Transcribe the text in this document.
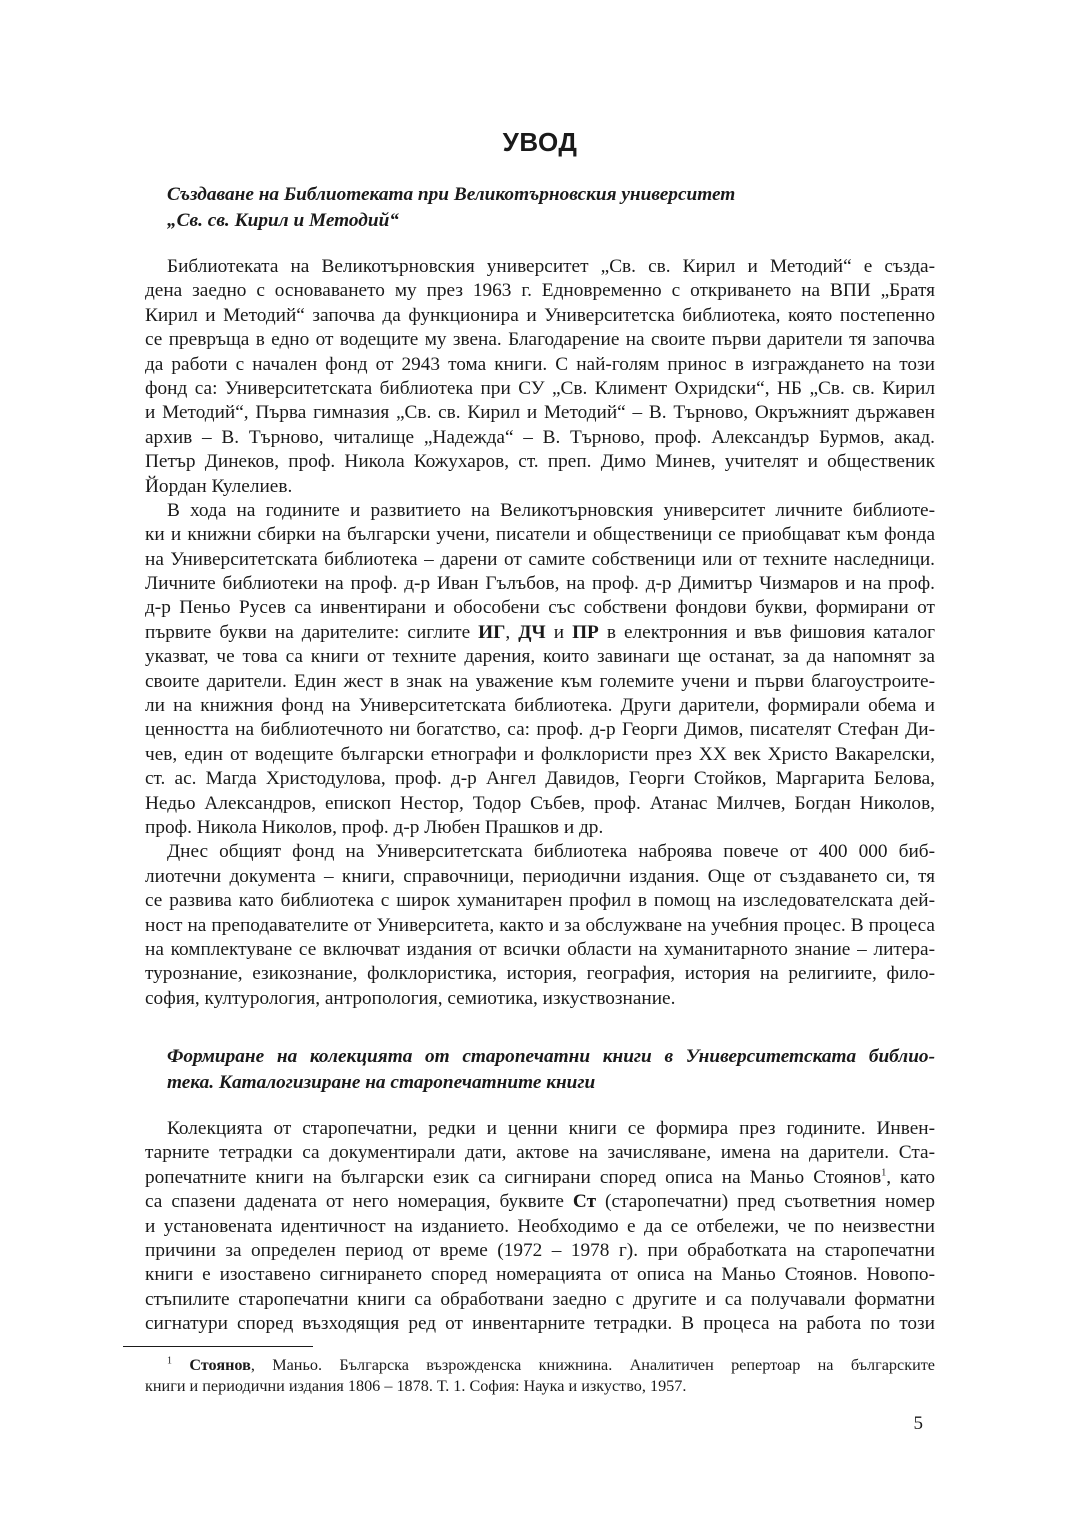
УВОД
Създаване на Библиотеката при Великотърновския университет
„Св. св. Кирил и Методий“
Библиотеката на Великотърновския университет „Св. св. Кирил и Методий“ е създа-
дена заедно с основаването му през 1963 г. Едновременно с откриването на ВПИ „Братя
Кирил и Методий“ започва да функционира и Университетска библиотека, която постепенно
се превръща в едно от водещите му звена. Благодарение на своите първи дарители тя започва
да работи с начален фонд от 2943 тома книги. С най-голям принос в изграждането на този
фонд са: Университетската библиотека при СУ „Св. Климент Охридски“, НБ „Св. св. Кирил
и Методий“, Първа гимназия „Св. св. Кирил и Методий“ – В. Търново, Окръжният държавен
архив – В. Търново, читалище „Надежда“ – В. Търново, проф. Александър Бурмов, акад.
Петър Динеков, проф. Никола Кожухаров, ст. преп. Димо Минев, учителят и общественик
Йордан Кулелиев.
В хода на годините и развитието на Великотърновския университет личните библиоте-
ки и книжни сбирки на български учени, писатели и общественици се приобщават към фонда
на Университетската библиотека – дарени от самите собственици или от техните наследници.
Личните библиотеки на проф. д-р Иван Гълъбов, на проф. д-р Димитър Чизмаров и на проф.
д-р Пеньо Русев са инвентирани и обособени със собствени фондови букви, формирани от
първите букви на дарителите: сиглите ИГ, ДЧ и ПР в електронния и във фишовия каталог
указват, че това са книги от техните дарения, които завинаги ще останат, за да напомнят за
своите дарители. Един жест в знак на уважение към големите учени и първи благоустроите-
ли на книжния фонд на Университетската библиотека. Други дарители, формирали обема и
ценността на библиотечното ни богатство, са: проф. д-р Георги Димов, писателят Стефан Ди-
чев, един от водещите български етнографи и фолклористи през XX век Христо Вакарелски,
ст. ас. Магда Христодулова, проф. д-р Ангел Давидов, Георги Стойков, Маргарита Белова,
Недьо Александров, епископ Нестор, Тодор Събев, проф. Атанас Милчев, Богдан Николов,
проф. Никола Николов, проф. д-р Любен Прашков и др.
Днес общият фонд на Университетската библиотека наброява повече от 400 000 биб-
лиотечни документа – книги, справочници, периодични издания. Още от създаването си, тя
се развива като библиотека с широк хуманитарен профил в помощ на изследователската дей-
ност на преподавателите от Университета, както и за обслужване на учебния процес. В процеса
на комплектуване се включват издания от всички области на хуманитарното знание – литера-
турознание, езикознание, фолклористика, история, география, история на религиите, фило-
софия, културология, антропология, семиотика, изкуствознание.
Формиране на колекцията от старопечатни книги в Университетската библио-
тека. Каталогизиране на старопечатните книги
Колекцията от старопечатни, редки и ценни книги се формира през годините. Инвен-
тарните тетрадки са документирали дати, актове на зачисляване, имена на дарители. Ста-
ропечатните книги на български език са сигнирани според описа на Маньо Стоянов$^1$, като
са спазени дадената от него номерация, буквите Ст (старопечатни) пред съответния номер
и установената идентичност на изданието. Необходимо е да се отбележи, че по неизвестни
причини за определен период от време (1972 – 1978 г). при обработката на старопечатни
книги е изоставено сигнирането според номерацията от описа на Маньо Стоянов. Новопо-
стъпилите старопечатни книги са обработвани заедно с другите и са получавали форматни
сигнатури според възходящия ред от инвентарните тетрадки. В процеса на работа по този
$^1$ Стоянов, Маньо. Българска възрожденска книжнина. Аналитичен репертоар на българските
книги и периодични издания 1806 – 1878. Т. 1. София: Наука и изкуство, 1957.
5
